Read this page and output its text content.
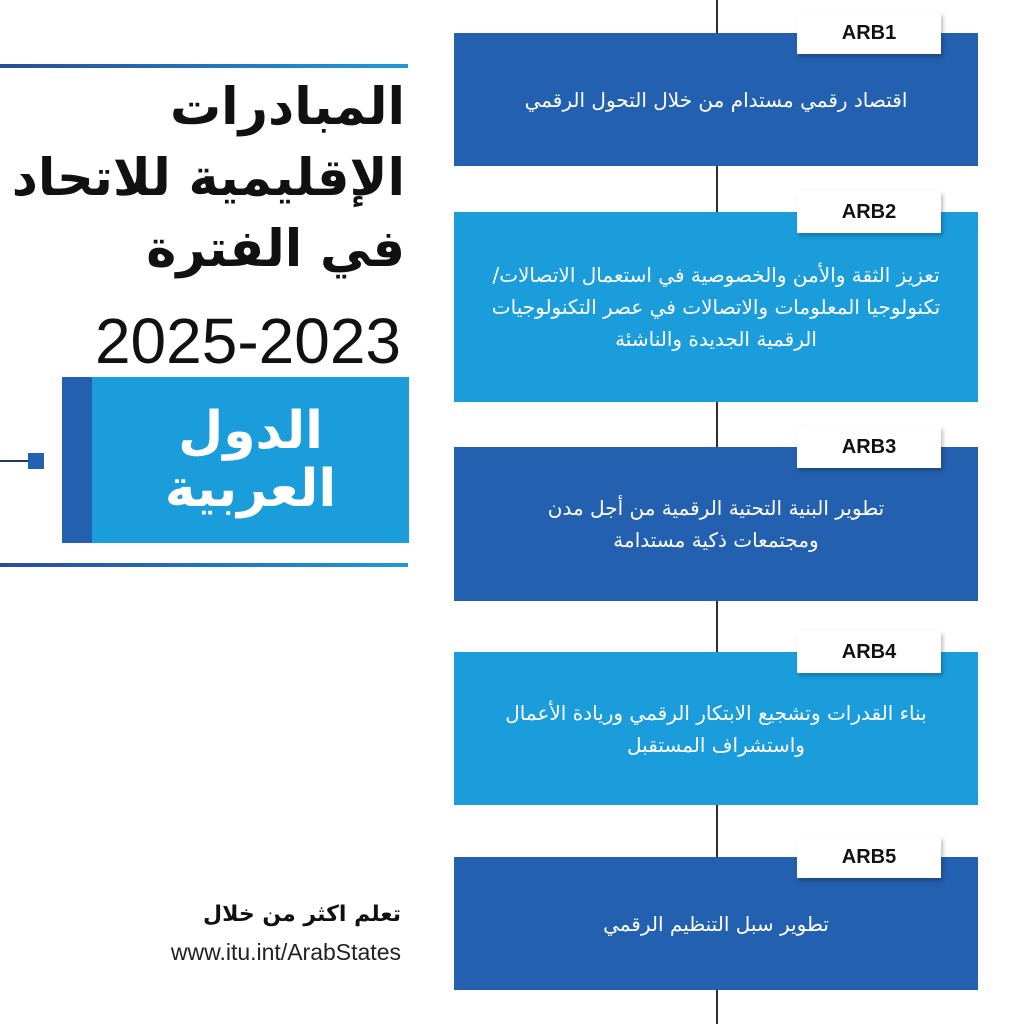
المبادرات
الإقليمية للاتحاد
في الفترة
2025-2023
الدول
العربية
تعلم اكثر من خلال
www.itu.int/ArabStates
اقتصاد رقمي مستدام من خلال التحول الرقمي
ARB1
تعزيز الثقة والأمن والخصوصية في استعمال الاتصالات/تكنولوجيا المعلومات والاتصالات في عصر التكنولوجيات الرقمية الجديدة والناشئة
ARB2
تطوير البنية التحتية الرقمية من أجل مدن ومجتمعات ذكية مستدامة
ARB3
بناء القدرات وتشجيع الابتكار الرقمي وريادة الأعمال واستشراف المستقبل
ARB4
تطوير سبل التنظيم الرقمي
ARB5
